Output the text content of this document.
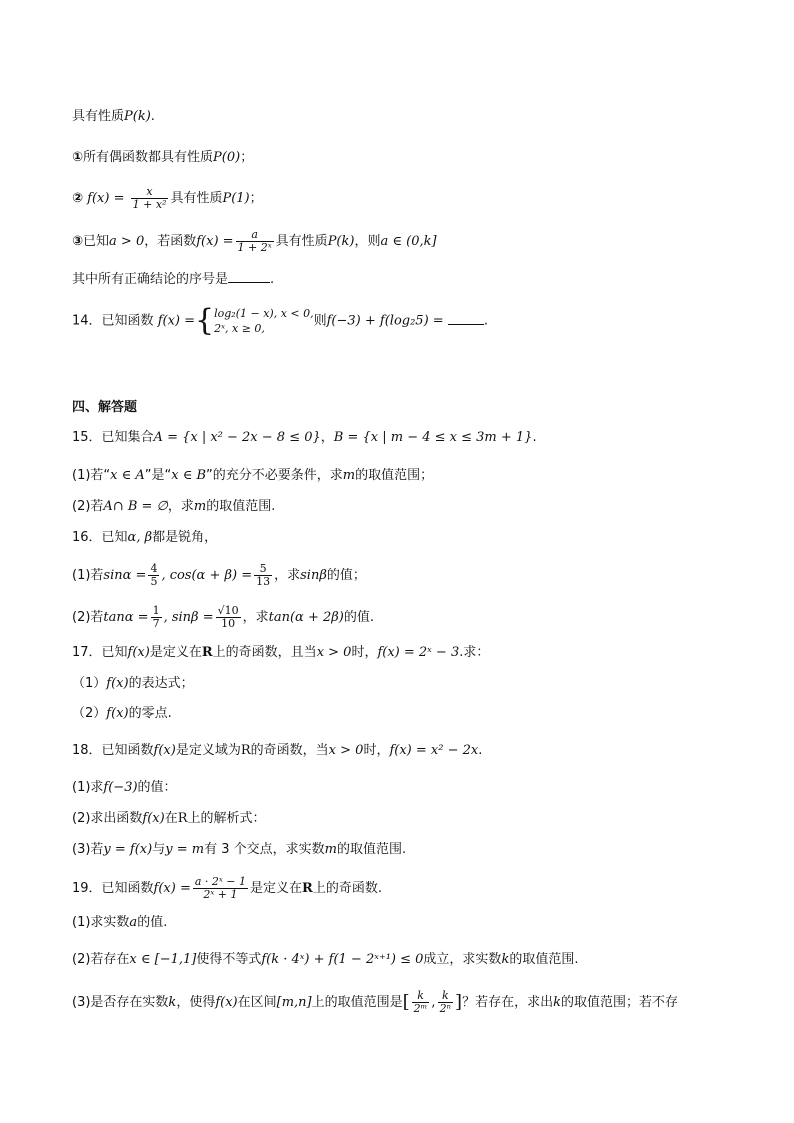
具有性质P(k).
①所有偶函数都具有性质P(0)；
② $f(x) = \frac{x}{\text{1 + x²}}$ 具有性质P(1)；
③已知a > 0，若函数$f(x) = \frac{a}{\text{1 + 2ˣ}}$ 具有性质P(k)，则a ∈ (0,k]
其中所有正确结论的序号是	.
14．已知函数 f(x) ={ log₂(1 − x), x < 0,
2ˣ, x ≥ 0,	则f(−3) + f(log₂5) =	.
四、解答题
15．已知集合A = {x | x² − 2x − 8 ≤ 0}，B = {x | m − 4 ≤ x ≤ 3m + 1}.
(1)若“x ∈ A”是“x ∈ B”的充分不必要条件，求m的取值范围；
(2)若A∩ B = ∅，求m的取值范围.
16．已知α, β都是锐角，
(1)若$\sin\alpha = \frac{4}{5}$ , $\cos(\alpha + \beta) = \frac{5}{13}$ ，求sinβ的值；
(2)若$\tan\alpha = \frac{1}{7}$ , $\sin\beta = \frac{√10}{10}$ ，求tan(α + 2β)的值.
17．已知f(x)是定义在R上的奇函数，且当x > 0时，f(x) = 2ˣ − 3.求：
（1）f(x)的表达式；
（2）f(x)的零点.
18．已知函数f(x)是定义域为R的奇函数，当x > 0时，f(x) = x² − 2x.
(1)求f(−3)的值：
(2)求出函数f(x)在R上的解析式：
(3)若y = f(x)与y = m有 3 个交点，求实数m的取值范围.
19．已知函数$f(x) = \frac{\text{a · 2ˣ − 1}}{\text{2ˣ + 1}}$ 是定义在R上的奇函数.
(1)求实数a的值.
(2)若存在x ∈ [−1,1]使得不等式f(k · 4ˣ) + f(1 − 2ˣ⁺¹) ≤ 0成立，求实数k的取值范围.
(3)是否存在实数k，使得f(x)在区间[m,n]上的取值范围是[ $\frac{k}{\text{2ᵐ}}$ , $\frac{k}{\text{2ⁿ}}$ ]？若存在，求出k的取值范围；若不存
